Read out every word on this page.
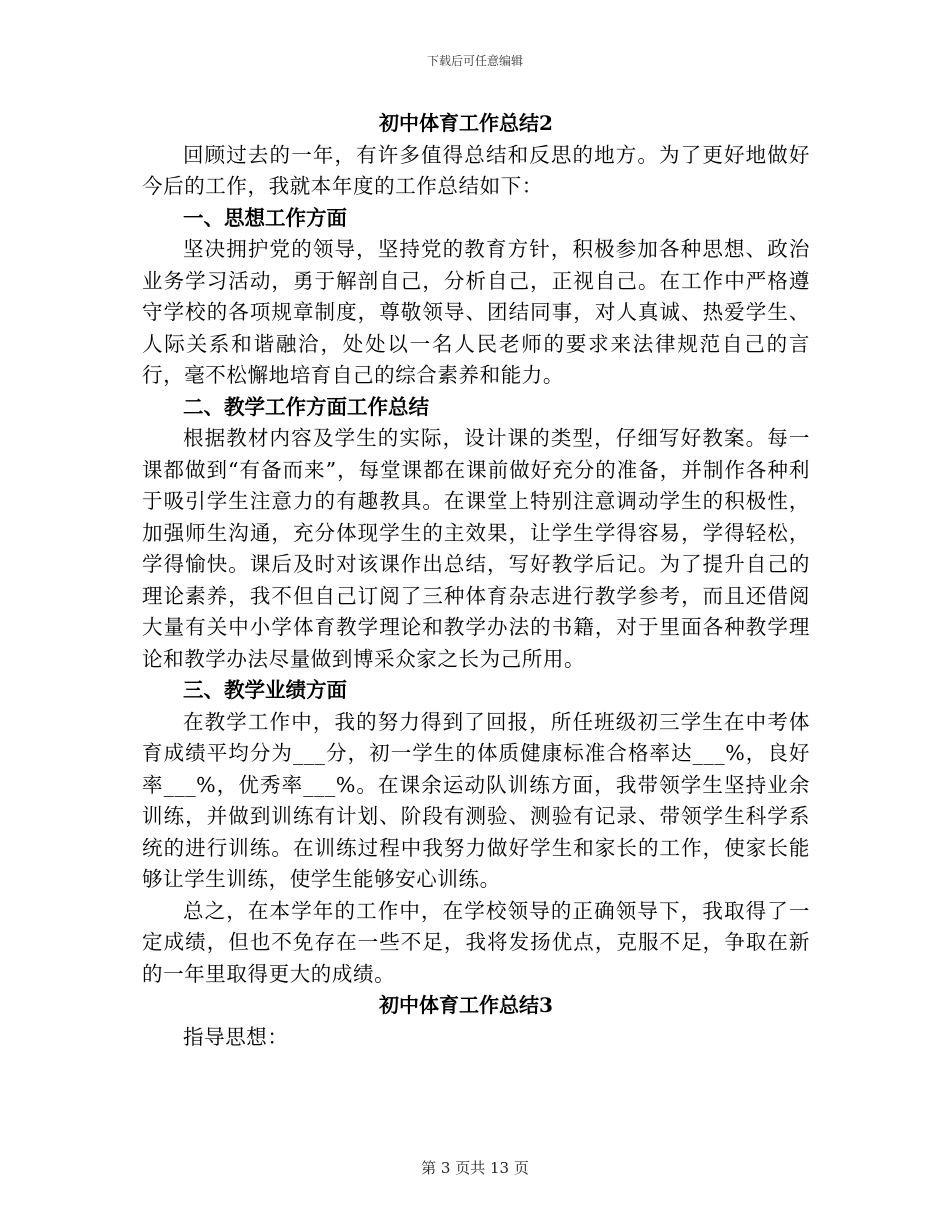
下载后可任意编辑

初中体育工作总结2

回顾过去的一年，有许多值得总结和反思的地方。为了更好地做好今后的工作，我就本年度的工作总结如下：

一、思想工作方面

坚决拥护党的领导，坚持党的教育方针，积极参加各种思想、政治业务学习活动，勇于解剖自己，分析自己，正视自己。在工作中严格遵守学校的各项规章制度，尊敬领导、团结同事，对人真诚、热爱学生、人际关系和谐融洽，处处以一名人民老师的要求来法律规范自己的言行，毫不松懈地培育自己的综合素养和能力。

二、教学工作方面工作总结

根据教材内容及学生的实际，设计课的类型，仔细写好教案。每一课都做到“有备而来”，每堂课都在课前做好充分的准备，并制作各种利于吸引学生注意力的有趣教具。在课堂上特别注意调动学生的积极性，加强师生沟通，充分体现学生的主效果，让学生学得容易，学得轻松，学得愉快。课后及时对该课作出总结，写好教学后记。为了提升自己的理论素养，我不但自己订阅了三种体育杂志进行教学参考，而且还借阅大量有关中小学体育教学理论和教学办法的书籍，对于里面各种教学理论和教学办法尽量做到博采众家之长为己所用。

三、教学业绩方面

在教学工作中，我的努力得到了回报，所任班级初三学生在中考体育成绩平均分为___分，初一学生的体质健康标准合格率达___%，良好率___%，优秀率___%。在课余运动队训练方面，我带领学生坚持业余训练，并做到训练有计划、阶段有测验、测验有记录、带领学生科学系统的进行训练。在训练过程中我努力做好学生和家长的工作，使家长能够让学生训练，使学生能够安心训练。

总之，在本学年的工作中，在学校领导的正确领导下，我取得了一定成绩，但也不免存在一些不足，我将发扬优点，克服不足，争取在新的一年里取得更大的成绩。

初中体育工作总结3

指导思想：

第 3 页共 13 页
